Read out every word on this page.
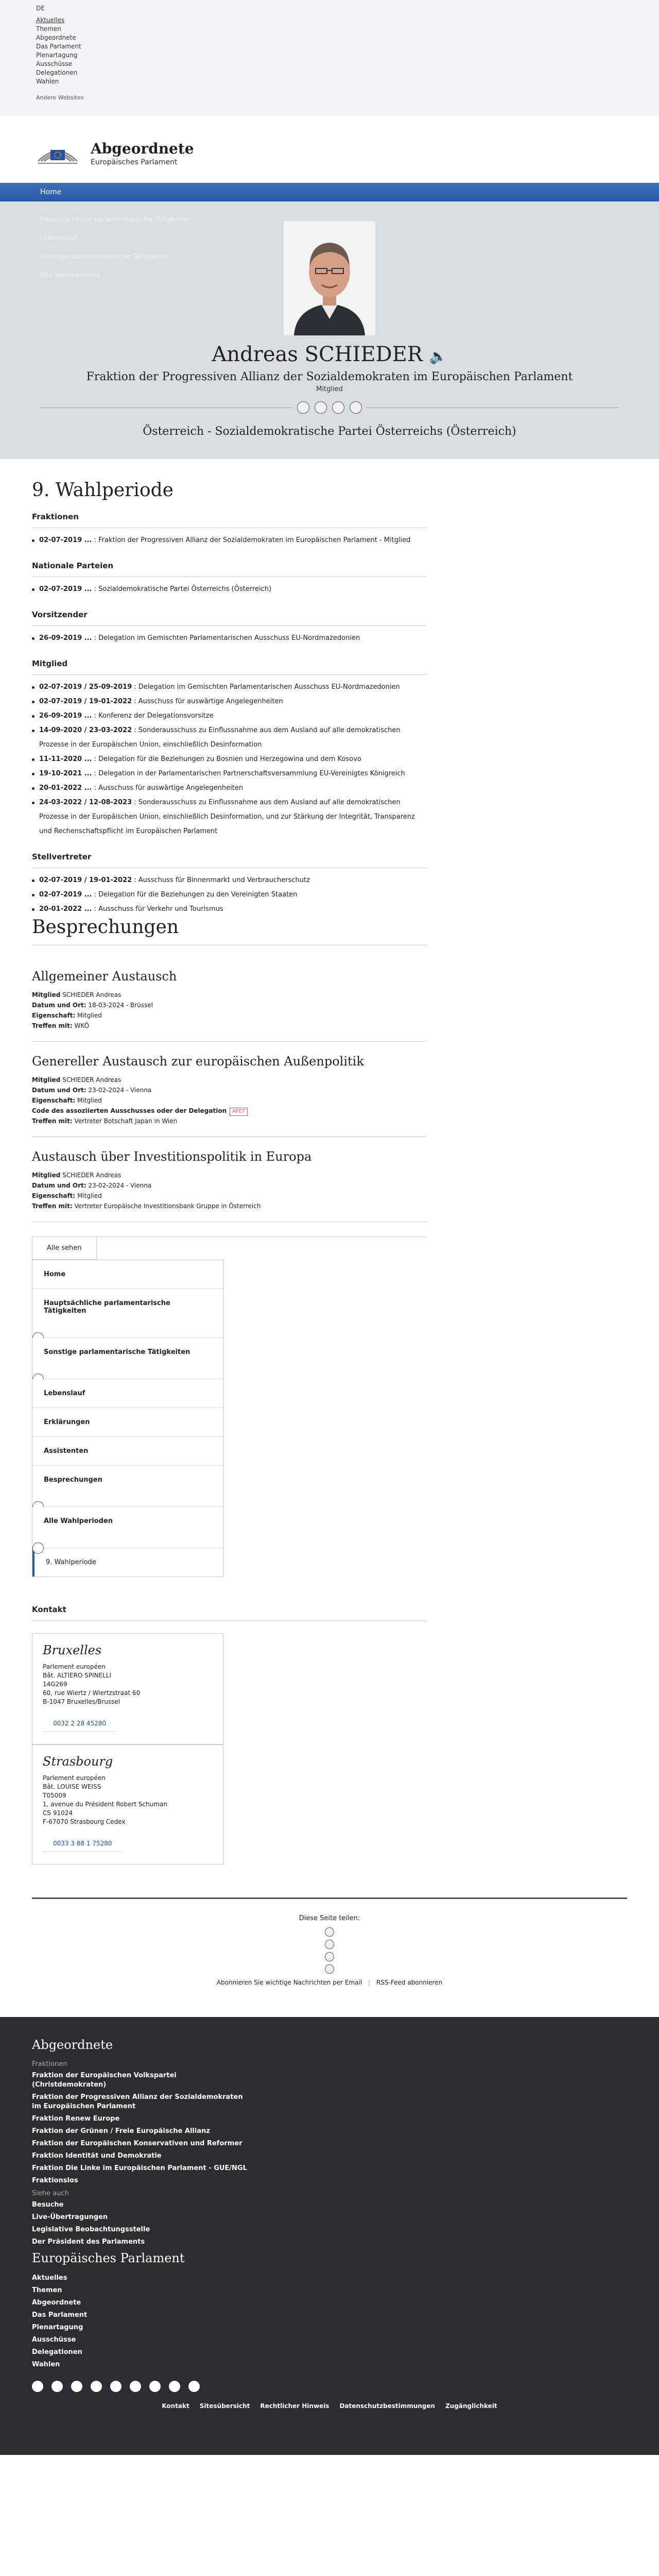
DE
Aktuelles
Themen
Abgeordnete
Das Parlament
Plenartagung
Ausschüsse
Delegationen
Wahlen
Andere Websites
Abgeordnete
Europäisches Parlament
Home
Hauptsächliche parlamentarische Tätigkeiten
Lebenslauf
Sonstige parlamentarische Tätigkeiten
Alle Wahlperioden
Andreas SCHIEDER 🔈
Fraktion der Progressiven Allianz der Sozialdemokraten im Europäischen Parlament
Mitglied
Österreich - Sozialdemokratische Partei Österreichs (Österreich)
9. Wahlperiode
Fraktionen
02-07-2019 ... : Fraktion der Progressiven Allianz der Sozialdemokraten im Europäischen Parlament - Mitglied
Nationale Parteien
02-07-2019 ... : Sozialdemokratische Partei Österreichs (Österreich)
Vorsitzender
26-09-2019 ... : Delegation im Gemischten Parlamentarischen Ausschuss EU-Nordmazedonien
Mitglied
02-07-2019 / 25-09-2019 : Delegation im Gemischten Parlamentarischen Ausschuss EU-Nordmazedonien
02-07-2019 / 19-01-2022 : Ausschuss für auswärtige Angelegenheiten
26-09-2019 ... : Konferenz der Delegationsvorsitze
14-09-2020 / 23-03-2022 : Sonderausschuss zu Einflussnahme aus dem Ausland auf alle demokratischen Prozesse in der Europäischen Union, einschließlich Desinformation
11-11-2020 ... : Delegation für die Beziehungen zu Bosnien und Herzegowina und dem Kosovo
19-10-2021 ... : Delegation in der Parlamentarischen Partnerschaftsversammlung EU-Vereinigtes Königreich
20-01-2022 ... : Ausschuss für auswärtige Angelegenheiten
24-03-2022 / 12-08-2023 : Sonderausschuss zu Einflussnahme aus dem Ausland auf alle demokratischen Prozesse in der Europäischen Union, einschließlich Desinformation, und zur Stärkung der Integrität, Transparenz und Rechenschaftspflicht im Europäischen Parlament
Stellvertreter
02-07-2019 / 19-01-2022 : Ausschuss für Binnenmarkt und Verbraucherschutz
02-07-2019 ... : Delegation für die Beziehungen zu den Vereinigten Staaten
20-01-2022 ... : Ausschuss für Verkehr und Tourismus
Besprechungen
Allgemeiner Austausch
Mitglied SCHIEDER Andreas
Datum und Ort: 18-03-2024 - Brüssel
Eigenschaft: Mitglied
Treffen mit: WKÖ
Genereller Austausch zur europäischen Außenpolitik
Mitglied SCHIEDER Andreas
Datum und Ort: 23-02-2024 - Vienna
Eigenschaft: Mitglied
Code des assoziierten Ausschusses oder der Delegation AFET
Treffen mit: Vertreter Botschaft Japan in Wien
Austausch über Investitionspolitik in Europa
Mitglied SCHIEDER Andreas
Datum und Ort: 23-02-2024 - Vienna
Eigenschaft: Mitglied
Treffen mit: Vertreter Europäische Investitionsbank Gruppe in Österreich
Alle sehen
Home
Hauptsächliche parlamentarische Tätigkeiten
Sonstige parlamentarische Tätigkeiten
Lebenslauf
Erklärungen
Assistenten
Besprechungen
Alle Wahlperioden
9. Wahlperiode
Kontakt
Bruxelles
Parlement européen
Bât. ALTIERO SPINELLI
14G269
60, rue Wiertz / Wiertzstraat 60
B-1047 Bruxelles/Brussel
0032 2 28 45280
Strasbourg
Parlement européen
Bât. LOUISE WEISS
T05009
1, avenue du Président Robert Schuman
CS 91024
F-67070 Strasbourg Cedex
0033 3 88 1 75280
Diese Seite teilen:
Abonnieren Sie wichtige Nachrichten per Email | RSS-Feed abonnieren
Abgeordnete
Fraktionen
Fraktion der Europäischen Volkspartei (Christdemokraten)
Fraktion der Progressiven Allianz der Sozialdemokraten im Europäischen Parlament
Fraktion Renew Europe
Fraktion der Grünen / Freie Europäische Allianz
Fraktion der Europäischen Konservativen und Reformer
Fraktion Identität und Demokratie
Fraktion Die Linke im Europäischen Parlament - GUE/NGL
Fraktionslos
Siehe auch
Besuche
Live-Übertragungen
Legislative Beobachtungsstelle
Der Präsident des Parlaments
Europäisches Parlament
Aktuelles
Themen
Abgeordnete
Das Parlament
Plenartagung
Ausschüsse
Delegationen
Wahlen
Kontakt Sitesübersicht Rechtlicher Hinweis Datenschutzbestimmungen Zugänglichkeit
